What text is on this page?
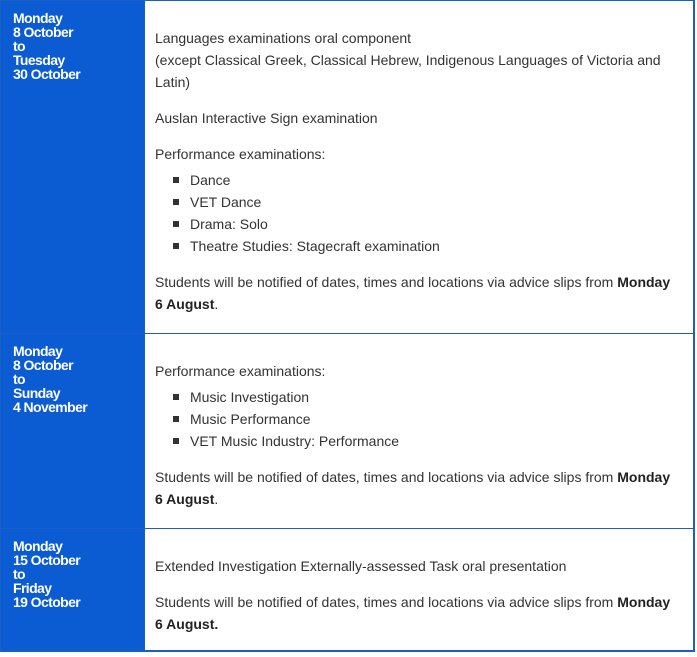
Monday
8 October
to
Tuesday
30 October

Languages examinations oral component

(except Classical Greek, Classical Hebrew, Indigenous Languages of Victoria and Latin)

Auslan Interactive Sign examination

Performance examinations:

Dance
VET Dance
Drama: Solo
Theatre Studies: Stagecraft examination

Students will be notified of dates, times and locations via advice slips from Monday 6 August.

Monday
8 October
to
Sunday
4 November

Performance examinations:

Music Investigation
Music Performance
VET Music Industry: Performance

Students will be notified of dates, times and locations via advice slips from Monday 6 August.

Monday
15 October
to
Friday
19 October

Extended Investigation Externally-assessed Task oral presentation

Students will be notified of dates, times and locations via advice slips from Monday 6 August.
